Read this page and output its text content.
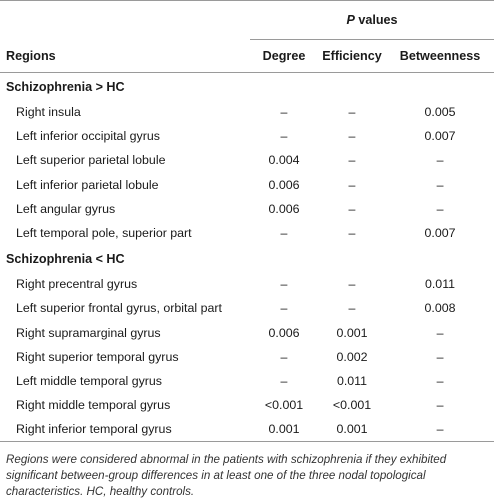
	P values		
Regions	Degree	Efficiency	Betweenness
Schizophrenia > HC			
Right insula	–	–	0.005
Left inferior occipital gyrus	–	–	0.007
Left superior parietal lobule	0.004	–	–
Left inferior parietal lobule	0.006	–	–
Left angular gyrus	0.006	–	–
Left temporal pole, superior part	–	–	0.007
Schizophrenia < HC			
Right precentral gyrus	–	–	0.011
Left superior frontal gyrus, orbital part	–	–	0.008
Right supramarginal gyrus	0.006	0.001	–
Right superior temporal gyrus	–	0.002	–
Left middle temporal gyrus	–	0.011	–
Right middle temporal gyrus	<0.001	<0.001	–
Right inferior temporal gyrus	0.001	0.001	–

Regions were considered abnormal in the patients with schizophrenia if they exhibited significant between-group differences in at least one of the three nodal topological characteristics. HC, healthy controls.
